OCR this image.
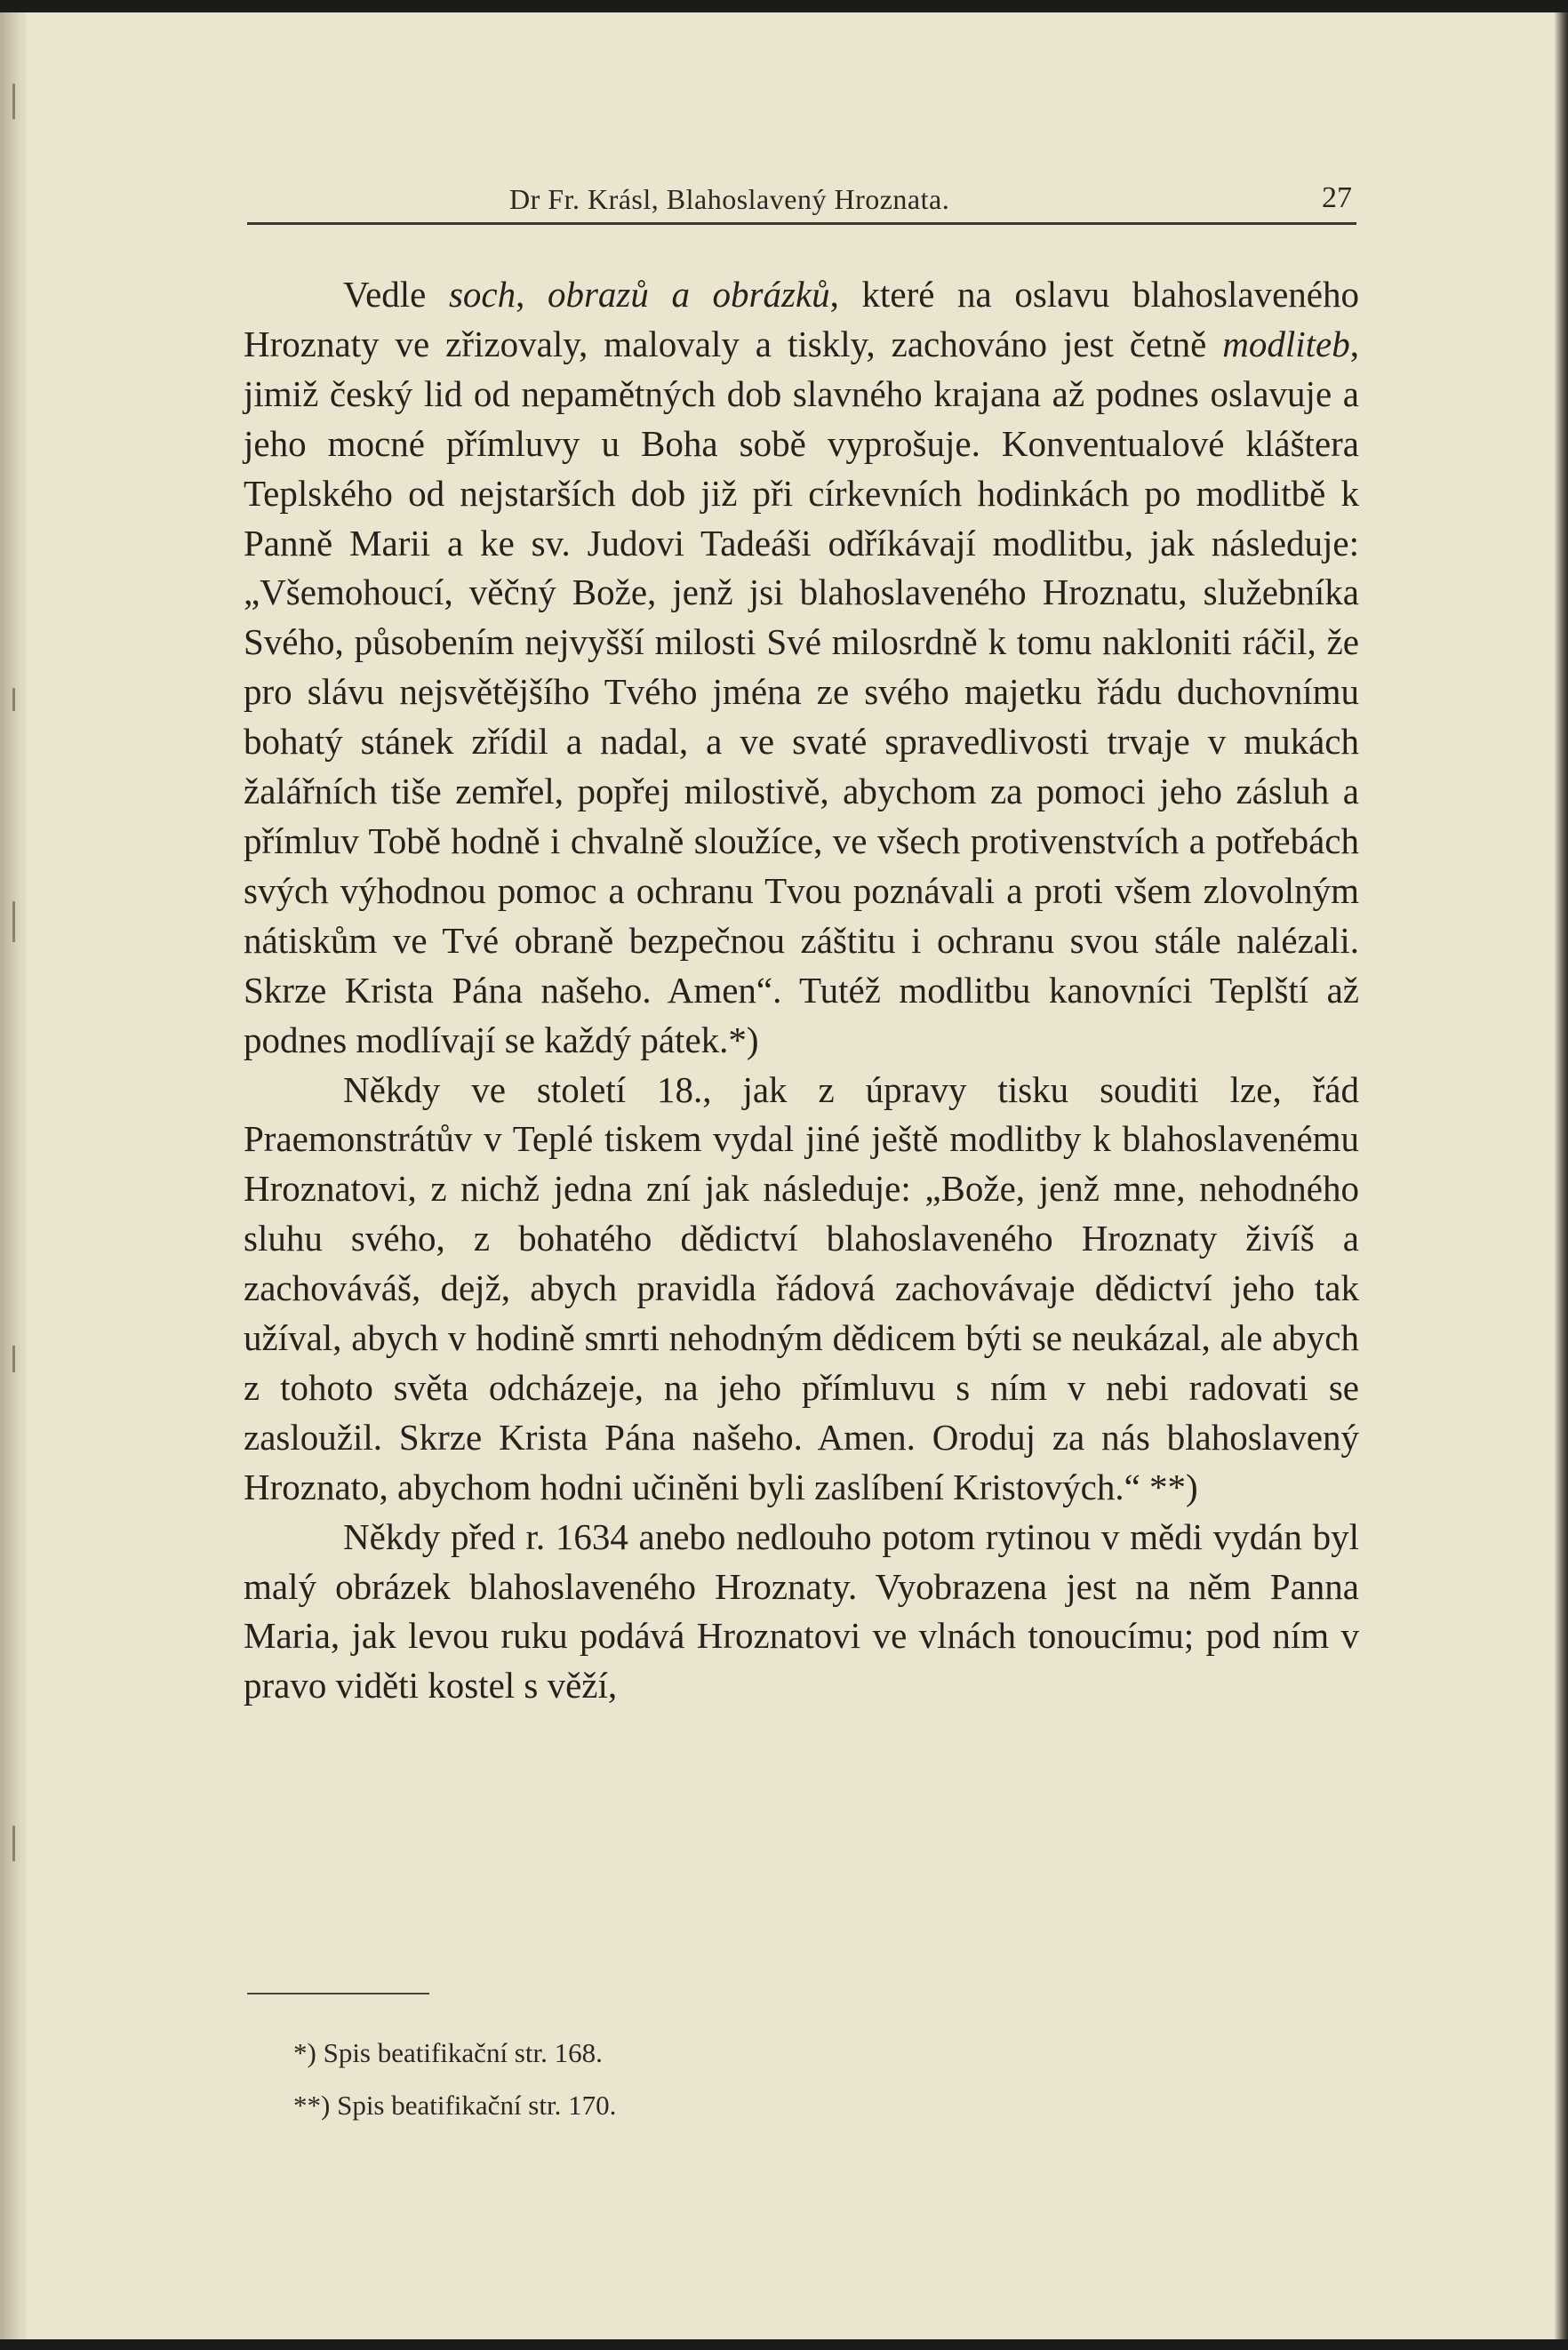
Dr Fr. Krásl, Blahoslavený Hroznata.	27

Vedle soch, obrazů a obrázků, které na oslavu blahoslaveného Hroznaty ve zřizovaly, malovaly a tiskly, zachováno jest četně modliteb, jimiž český lid od nepamětných dob slavného krajana až podnes oslavuje a jeho mocné přímluvy u Boha sobě vyprošuje. Konventualové kláštera Teplského od nejstarších dob již při církevních hodinkách po modlitbě k Panně Marii a ke sv. Judovi Tadeáši odříkávají modlitbu, jak následuje: „Všemohoucí, věčný Bože, jenž jsi blahoslaveného Hroznatu, služebníka Svého, působením nejvyšší milosti Své milosrdně k tomu nakloniti ráčil, že pro slávu nejsvětějšího Tvého jména ze svého majetku řádu duchovnímu bohatý stánek zřídil a nadal, a ve svaté spravedlivosti trvaje v mukách žalářních tiše zemřel, popřej milostivě, abychom za pomoci jeho zásluh a přímluv Tobě hodně i chvalně sloužíce, ve všech protivenstvích a potřebách svých výhodnou pomoc a ochranu Tvou poznávali a proti všem zlovolným nátiskům ve Tvé obraně bezpečnou záštitu i ochranu svou stále nalézali. Skrze Krista Pána našeho. Amen“. Tutéž modlitbu kanovníci Teplští až podnes modlívají se každý pátek.*)

Někdy ve století 18., jak z úpravy tisku souditi lze, řád Praemonstrátův v Teplé tiskem vydal jiné ještě modlitby k blahoslavenému Hroznatovi, z nichž jedna zní jak následuje: „Bože, jenž mne, nehodného sluhu svého, z bohatého dědictví blahoslaveného Hroznaty živíš a zachováváš, dejž, abych pravidla řádová zachovávaje dědictví jeho tak užíval, abych v hodině smrti nehodným dědicem býti se neukázal, ale abych z tohoto světa odcházeje, na jeho přímluvu s ním v nebi radovati se zasloužil. Skrze Krista Pána našeho. Amen. Oroduj za nás blahoslavený Hroznato, abychom hodni učiněni byli zaslíbení Kristových.“ **)

Někdy před r. 1634 anebo nedlouho potom rytinou v mědi vydán byl malý obrázek blahoslaveného Hroznaty. Vyobrazena jest na něm Panna Maria, jak levou ruku podává Hroznatovi ve vlnách tonoucímu; pod ním v pravo viděti kostel s věží,

*) Spis beatifikační str. 168.
**) Spis beatifikační str. 170.
